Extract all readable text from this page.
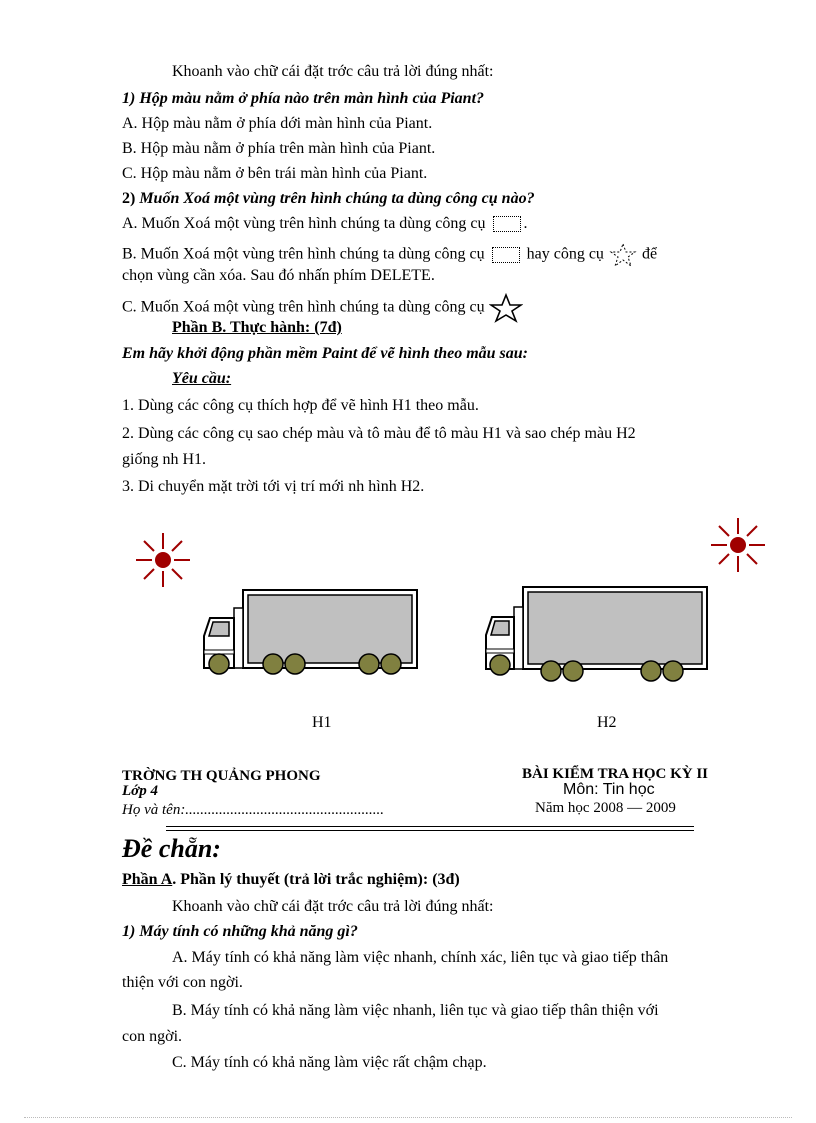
Khoanh vào chữ cái đặt trớc câu trả lời đúng nhất:
1) Hộp màu nằm ở phía nào trên màn hình của Piant?
A. Hộp màu nằm ở phía dới màn hình của Piant.
B. Hộp màu nằm ở phía trên màn hình của Piant.
C. Hộp màu nằm ở bên trái màn hình của Piant.
2) Muốn Xoá một vùng trên hình chúng ta dùng công cụ nào?
A. Muốn Xoá một vùng trên hình chúng ta dùng công cụ .
B. Muốn Xoá một vùng trên hình chúng ta dùng công cụ	hay công cụ để
chọn vùng cần xóa. Sau đó nhấn phím DELETE.
C. Muốn Xoá một vùng trên hình chúng ta dùng công cụ
Phần B. Thực hành: (7đ)
Em hãy khởi động phần mềm Paint để vẽ hình theo mẫu sau:
Yêu cầu:
1. Dùng các công cụ thích hợp để vẽ hình H1 theo mẫu.
2. Dùng các công cụ sao chép màu và tô màu để tô màu H1 và sao chép màu H2
giống nh H1.
3. Di chuyển mặt trời tới vị trí mới nh hình H2.
H1	H2
TRỜNG TH QUẢNG PHONG	BÀI KIỂM TRA HỌC KỲ II
Lớp 4	Môn: Tin học
Họ và tên:.....................................................	Năm học 2008 — 2009
Đề chẵn:
Phần A. Phần lý thuyết (trả lời trắc nghiệm): (3đ)
Khoanh vào chữ cái đặt trớc câu trả lời đúng nhất:
1) Máy tính có những khả năng gì?
A. Máy tính có khả năng làm việc nhanh, chính xác, liên tục và giao tiếp thân
thiện với con ngời.
B. Máy tính có khả năng làm việc nhanh, liên tục và giao tiếp thân thiện với
con ngời.
C. Máy tính có khả năng làm việc rất chậm chạp.
